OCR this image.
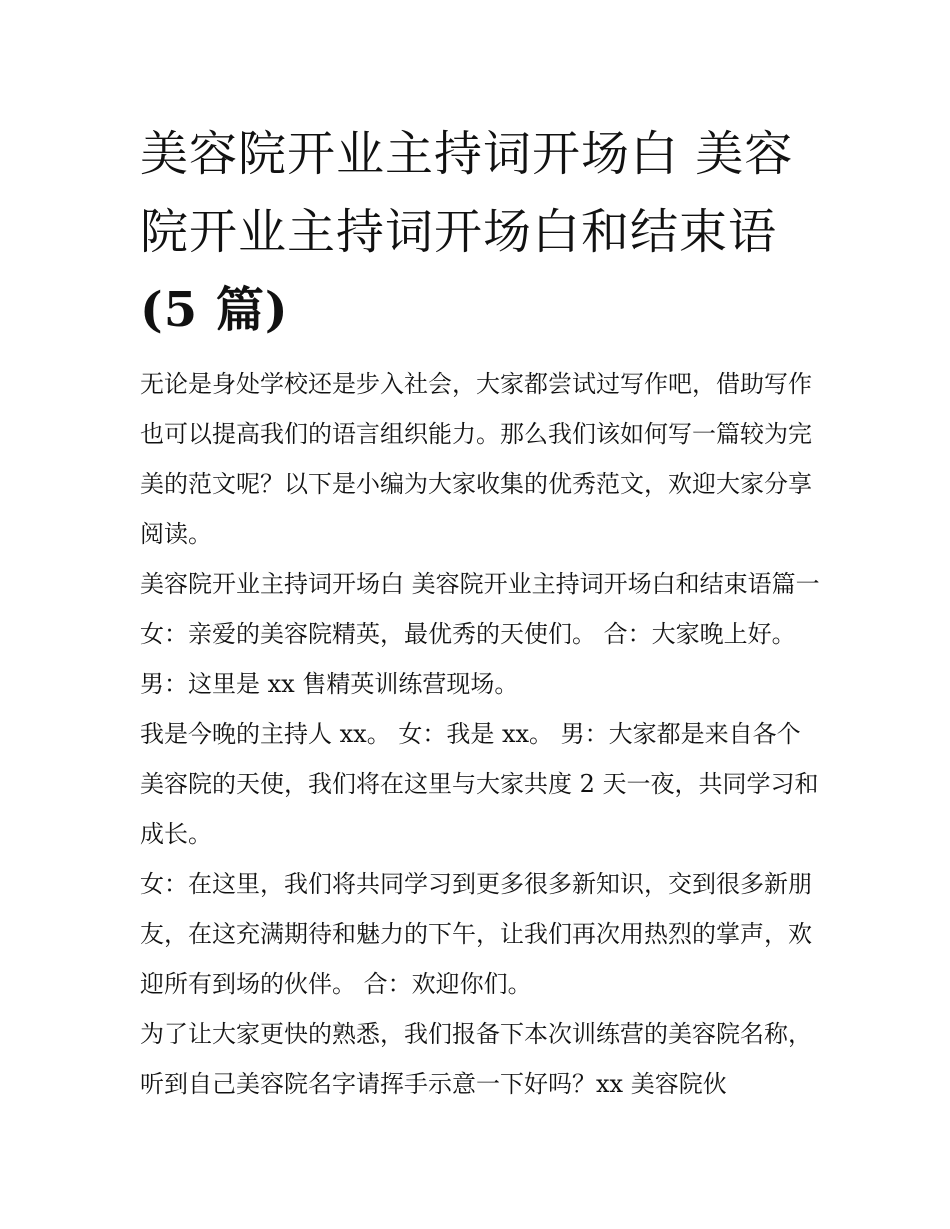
美容院开业主持词开场白 美容
院开业主持词开场白和结束语
(5 篇)

无论是身处学校还是步入社会，大家都尝试过写作吧，借助写作也可以提高我们的语言组织能力。那么我们该如何写一篇较为完美的范文呢？以下是小编为大家收集的优秀范文，欢迎大家分享阅读。

美容院开业主持词开场白 美容院开业主持词开场白和结束语篇一 女：亲爱的美容院精英，最优秀的天使们。 合：大家晚上好。 男：这里是 xx 售精英训练营现场。

我是今晚的主持人 xx。 女：我是 xx。 男：大家都是来自各个美容院的天使，我们将在这里与大家共度 2 天一夜，共同学习和成长。

女：在这里，我们将共同学习到更多很多新知识，交到很多新朋友，在这充满期待和魅力的下午，让我们再次用热烈的掌声，欢迎所有到场的伙伴。 合：欢迎你们。

为了让大家更快的熟悉，我们报备下本次训练营的美容院名称，听到自己美容院名字请挥手示意一下好吗？xx 美容院伙
